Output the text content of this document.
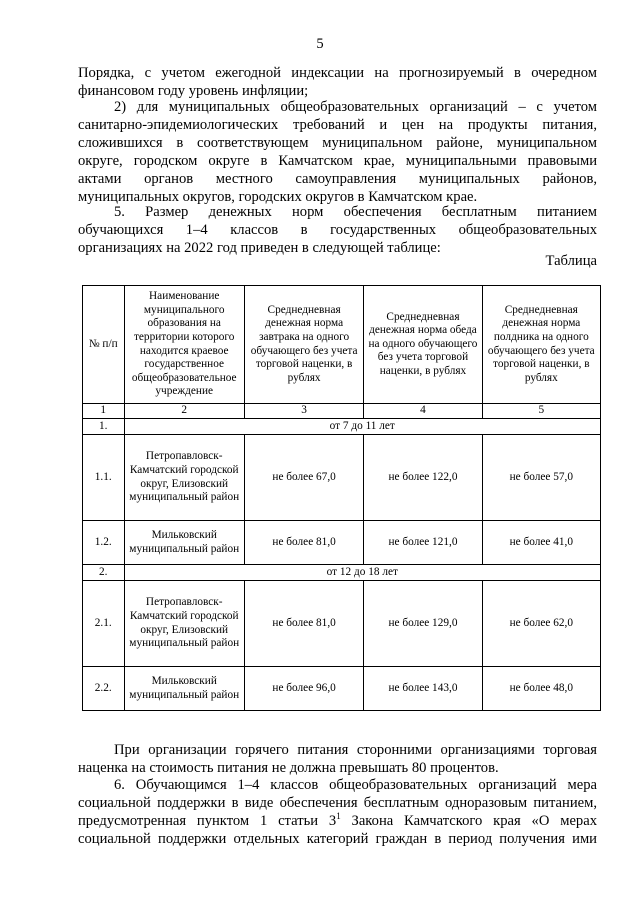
5
Порядка, с учетом ежегодной индексации на прогнозируемый в очередном
финансовом году уровень инфляции;
2) для муниципальных общеобразовательных организаций – с учетом
санитарно-эпидемиологических требований и цен на продукты питания,
сложившихся в соответствующем муниципальном районе, муниципальном
округе, городском округе в Камчатском крае, муниципальными правовыми
актами органов местного самоуправления муниципальных районов,
муниципальных округов, городских округов в Камчатском крае.
5. Размер денежных норм обеспечения бесплатным питанием
обучающихся 1–4 классов в государственных общеобразовательных
организациях на 2022 год приведен в следующей таблице:
Таблица
№ п/п	Наименование муниципального образования на территории которого находится краевое государственное общеобразовательное учреждение	Среднедневная денежная норма завтрака на одного обучающего без учета торговой наценки, в рублях	Среднедневная денежная норма обеда на одного обучающего без учета торговой наценки, в рублях	Среднедневная денежная норма полдника на одного обучающего без учета торговой наценки, в рублях
1	2	3	4	5
1.	от 7 до 11 лет			
1.1.	Петропавловск-Камчатский городской округ, Елизовский муниципальный район	не более 67,0	не более 122,0	не более 57,0
1.2.	Мильковский муниципальный район	не более 81,0	не более 121,0	не более 41,0
2.	от 12 до 18 лет			
2.1.	Петропавловск-Камчатский городской округ, Елизовский муниципальный район	не более 81,0	не более 129,0	не более 62,0
2.2.	Мильковский муниципальный район	не более 96,0	не более 143,0	не более 48,0
При организации горячего питания сторонними организациями торговая
наценка на стоимость питания не должна превышать 80 процентов.
6. Обучающимся 1–4 классов общеобразовательных организаций мера
социальной поддержки в виде обеспечения бесплатным одноразовым питанием,
предусмотренная пунктом 1 статьи $3^1$ Закона Камчатского края «О мерах
социальной поддержки отдельных категорий граждан в период получения ими
